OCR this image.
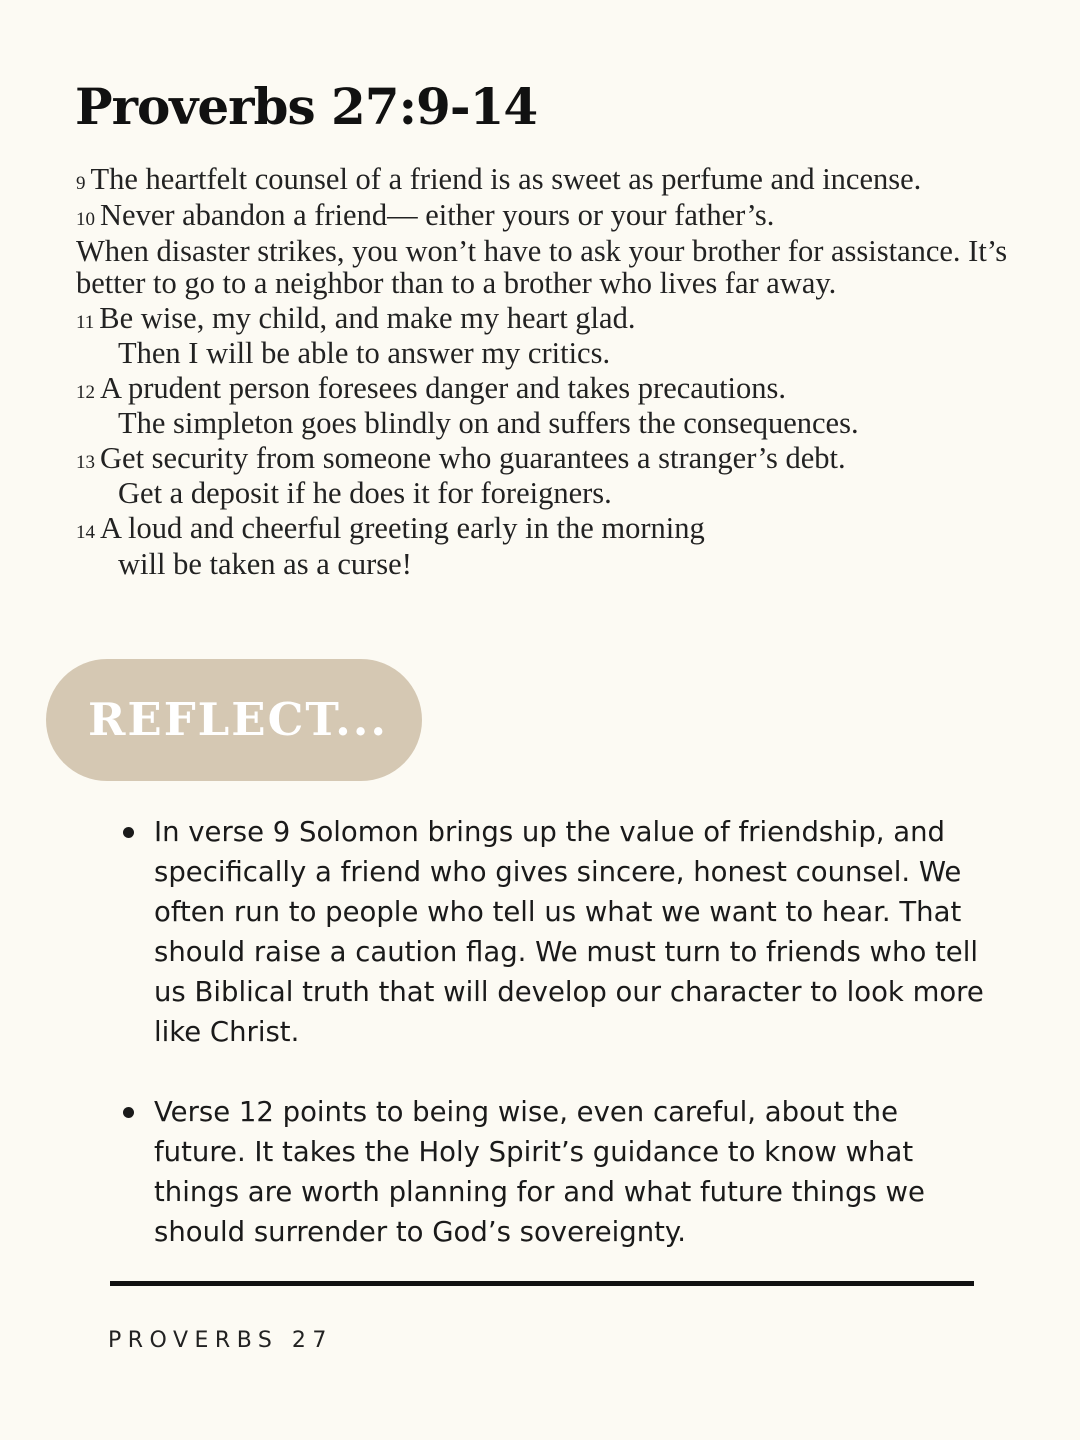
Proverbs 27:9-14
9 The heartfelt counsel of a friend is as sweet as perfume and incense.
10 Never abandon a friend— either yours or your father’s.
When disaster strikes, you won’t have to ask your brother for assistance. It’s better to go to a neighbor than to a brother who lives far away.
11 Be wise, my child, and make my heart glad.
Then I will be able to answer my critics.
12 A prudent person foresees danger and takes precautions.
The simpleton goes blindly on and suffers the consequences.
13 Get security from someone who guarantees a stranger’s debt.
Get a deposit if he does it for foreigners.
14 A loud and cheerful greeting early in the morning
will be taken as a curse!
REFLECT...
In verse 9 Solomon brings up the value of friendship, and specifically a friend who gives sincere, honest counsel. We often run to people who tell us what we want to hear. That should raise a caution flag. We must turn to friends who tell us Biblical truth that will develop our character to look more like Christ.
Verse 12 points to being wise, even careful, about the future. It takes the Holy Spirit’s guidance to know what things are worth planning for and what future things we should surrender to God’s sovereignty.
PROVERBS 27
